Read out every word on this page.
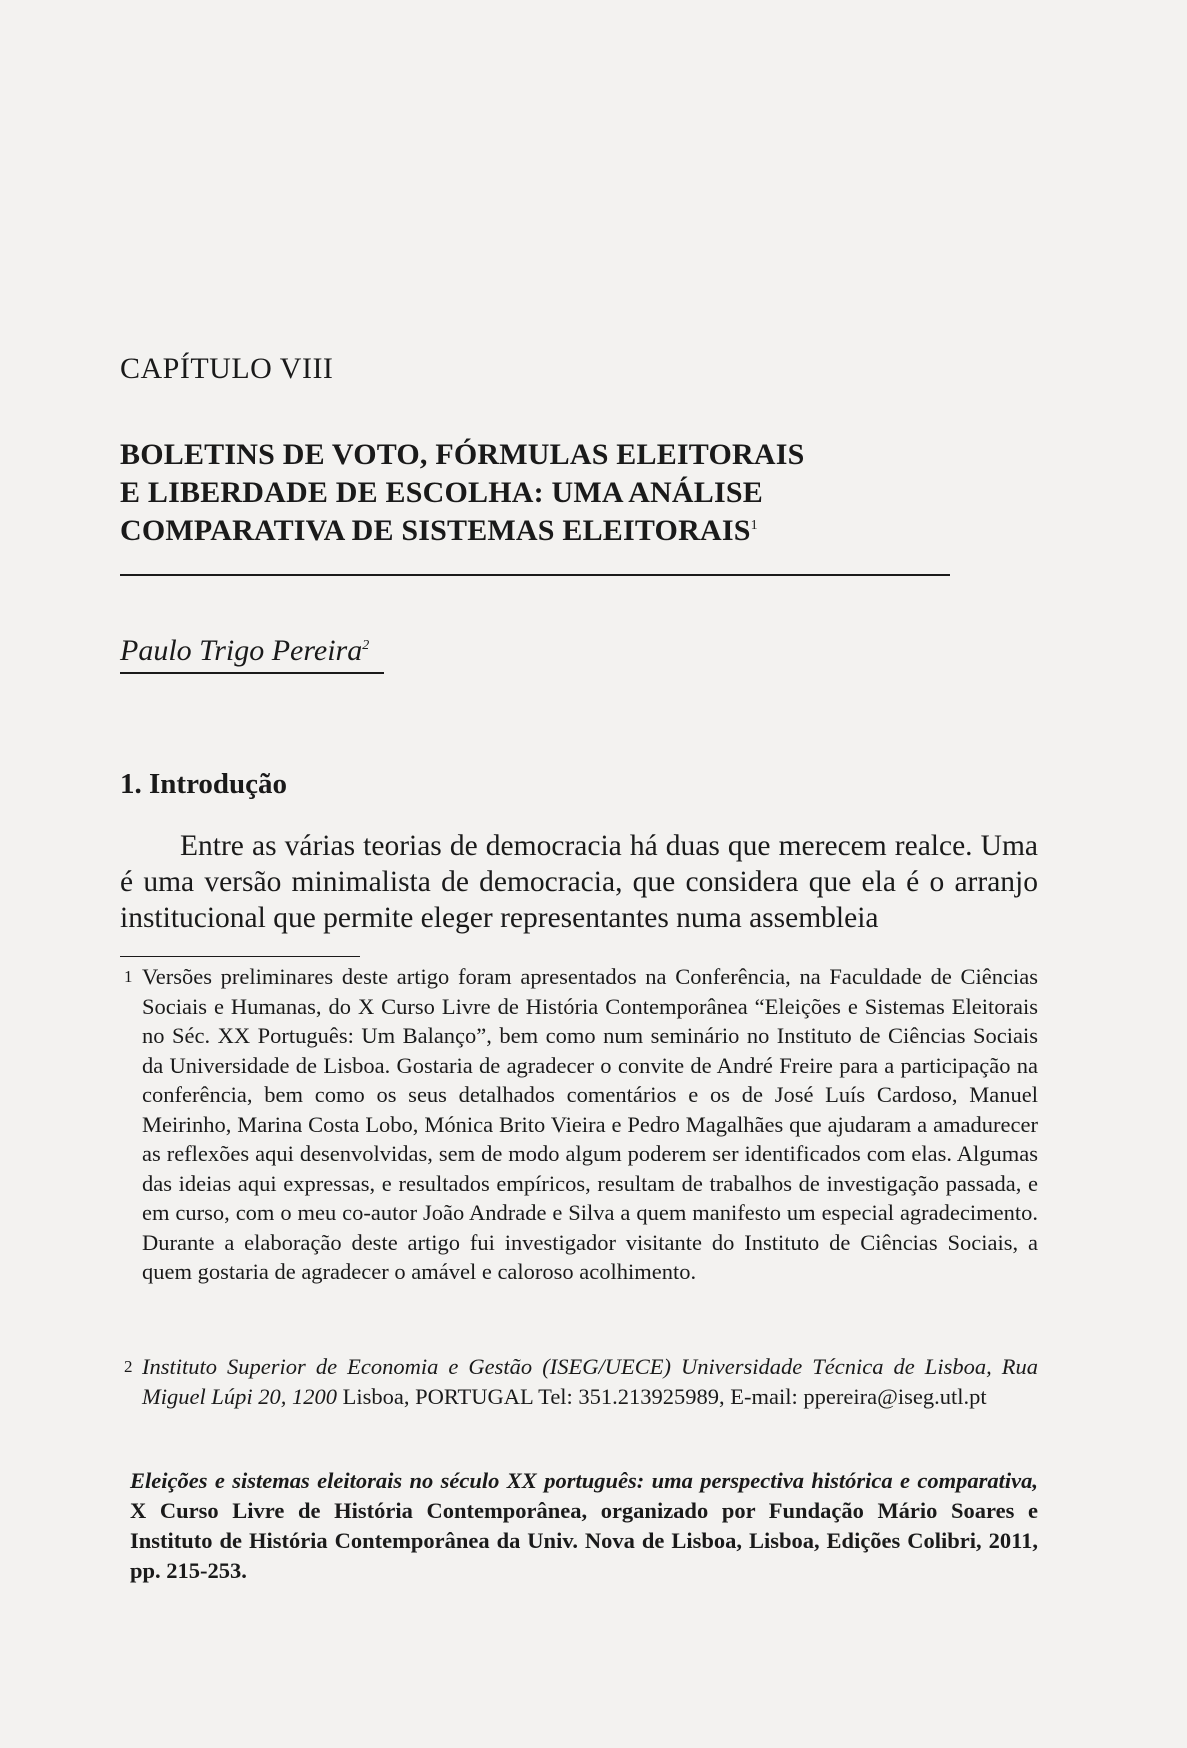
CAPÍTULO VIII
BOLETINS DE VOTO, FÓRMULAS ELEITORAIS
E LIBERDADE DE ESCOLHA: UMA ANÁLISE
COMPARATIVA DE SISTEMAS ELEITORAIS$^1$
Paulo Trigo Pereira$^2$
1. Introdução

Entre as várias teorias de democracia há duas que merecem realce. Uma é uma versão minimalista de democracia, que considera que ela é o arranjo institucional que permite eleger representantes numa assembleia

1 Versões preliminares deste artigo foram apresentados na Conferência, na Faculdade de Ciências Sociais e Humanas, do X Curso Livre de História Contemporânea “Eleições e Sistemas Eleitorais no Séc. XX Português: Um Balanço”, bem como num seminário no Instituto de Ciências Sociais da Universidade de Lisboa. Gostaria de agradecer o convite de André Freire para a participação na conferência, bem como os seus detalhados comentários e os de José Luís Cardoso, Manuel Meirinho, Marina Costa Lobo, Mónica Brito Vieira e Pedro Magalhães que ajudaram a amadurecer as reflexões aqui desenvolvidas, sem de modo algum poderem ser identificados com elas. Algumas das ideias aqui expressas, e resultados empíricos, resultam de trabalhos de investigação passada, e em curso, com o meu co-autor João Andrade e Silva a quem manifesto um especial agradecimento. Durante a elaboração deste artigo fui investigador visitante do Instituto de Ciências Sociais, a quem gostaria de agradecer o amável e caloroso acolhimento.
2 Instituto Superior de Economia e Gestão (ISEG/UECE) Universidade Técnica de Lisboa, Rua Miguel Lúpi 20, 1200 Lisboa, PORTUGAL Tel: 351.213925989, E-mail: ppereira@iseg.utl.pt

Eleições e sistemas eleitorais no século XX português: uma perspectiva histórica e comparativa, X Curso Livre de História Contemporânea, organizado por Fundação Mário Soares e Instituto de História Contemporânea da Univ. Nova de Lisboa, Lisboa, Edições Colibri, 2011, pp. 215-253.
